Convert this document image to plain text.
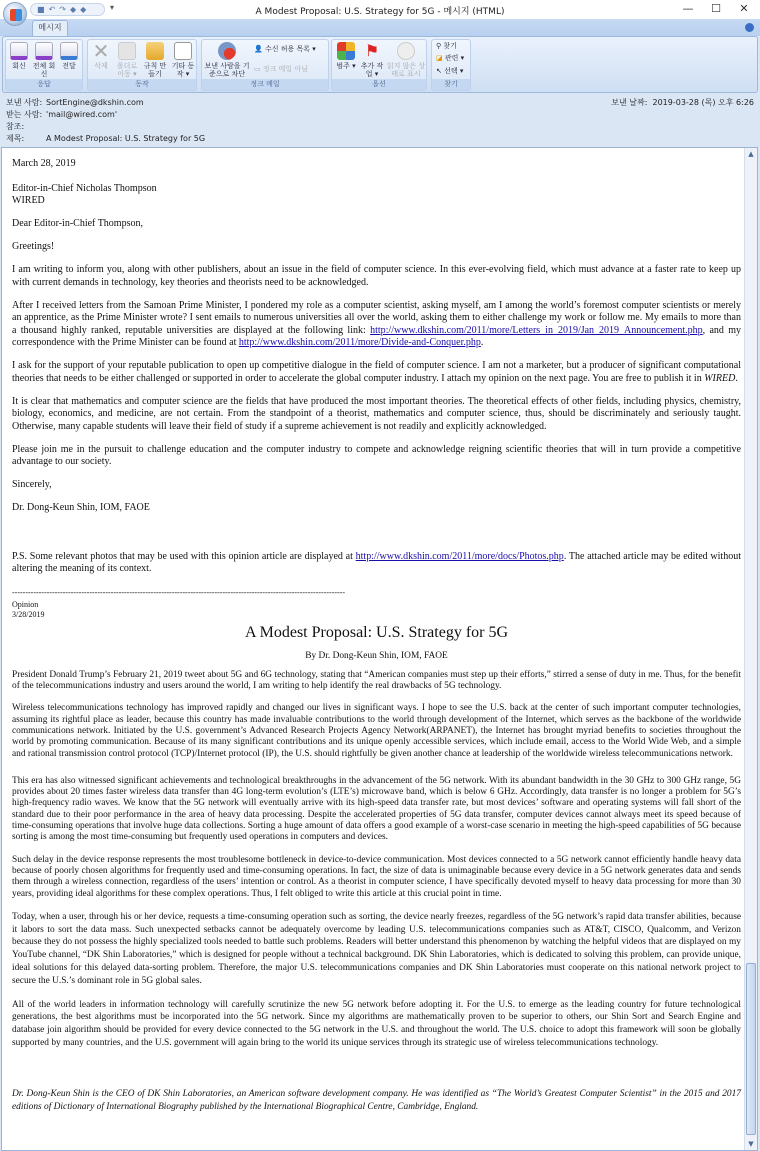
■↶↷◆◆	▾	A Modest Proposal: U.S. Strategy for 5G - 메시지 (HTML)	—	☐	✕
메시지
회신 전체 회신
전달
응답
✕
삭제	폴더로 이동 ▾
규칙 만들기
기타 동작 ▾
동작
보낸 사람을 기준으로 차단
👤 수신 허용 목록 ▾
▭ 정크 메일 아님
정크 메일
범주 ▾
⚑
추가 작업 ▾
읽지 않은 상태로 표시
옵션
⚲ 찾기
◪ 관련 ▾
↖ 선택 ▾
찾기
보낸 사람: SortEngine@dkshin.com
받는 사람: 'mail@wired.com'
참조:
제목:	A Modest Proposal: U.S. Strategy for 5G
보낸 날짜: 2019-03-28 (목) 오후 6:26

March 28, 2019

Editor-in-Chief Nicholas Thompson
WIRED

Dear Editor-in-Chief Thompson,

Greetings!

I am writing to inform you, along with other publishers, about an issue in the field of computer science. In this ever-evolving field, which must advance at a faster rate to keep up with current demands in technology, key theories and theorists need to be acknowledged.

After I received letters from the Samoan Prime Minister, I pondered my role as a computer scientist, asking myself, am I among the world’s foremost computer scientists or merely an apprentice, as the Prime Minister wrote? I sent emails to numerous universities all over the world, asking them to either challenge my work or follow me. My emails to more than a thousand highly ranked, reputable universities are displayed at the following link: http://www.dkshin.com/2011/more/Letters_in_2019/Jan_2019_Announcement.php, and my correspondence with the Prime Minister can be found at http://www.dkshin.com/2011/more/Divide-and-Conquer.php.

I ask for the support of your reputable publication to open up competitive dialogue in the field of computer science. I am not a marketer, but a producer of significant computational theories that needs to be either challenged or supported in order to accelerate the global computer industry. I attach my opinion on the next page. You are free to publish it in WIRED.

It is clear that mathematics and computer science are the fields that have produced the most important theories. The theoretical effects of other fields, including physics, chemistry, biology, economics, and medicine, are not certain. From the standpoint of a theorist, mathematics and computer science, thus, should be discriminately and seriously taught. Otherwise, many capable students will leave their field of study if a supreme achievement is not readily and explicitly acknowledged.

Please join me in the pursuit to challenge education and the computer industry to compete and acknowledge reigning scientific theories that will in turn provide a competitive advantage to our society.

Sincerely,

Dr. Dong-Keun Shin, IOM, FAOE

P.S. Some relevant photos that may be used with this opinion article are displayed at http://www.dkshin.com/2011/more/docs/Photos.php. The attached article may be edited without altering the meaning of its context.

-----------------------------------------------------------------------------------------------------------------------------
Opinion
3/28/2019
A Modest Proposal: U.S. Strategy for 5G
By Dr. Dong-Keun Shin, IOM, FAOE

President Donald Trump’s February 21, 2019 tweet about 5G and 6G technology, stating that “American companies must step up their efforts,” stirred a sense of duty in me. Thus, for the benefit of the telecommunications industry and users around the world, I am writing to help identify the real drawbacks of 5G technology.

Wireless telecommunications technology has improved rapidly and changed our lives in significant ways. I hope to see the U.S. back at the center of such important computer technologies, assuming its rightful place as leader, because this country has made invaluable contributions to the world through development of the Internet, which serves as the backbone of the worldwide communications network. Initiated by the U.S. government’s Advanced Research Projects Agency Network(ARPANET), the Internet has brought myriad benefits to societies throughout the world by promoting communication. Because of its many significant contributions and its unique openly accessible services, which include email, access to the World Wide Web, and a simple and rational transmission control protocol (TCP)/Internet protocol (IP), the U.S. should rightfully be given another chance at leadership of the worldwide wireless telecommunications network.

This era has also witnessed significant achievements and technological breakthroughs in the advancement of the 5G network. With its abundant bandwidth in the 30 GHz to 300 GHz range, 5G provides about 20 times faster wireless data transfer than 4G long-term evolution’s (LTE’s) microwave band, which is below 6 GHz. Accordingly, data transfer is no longer a problem for 5G’s high-frequency radio waves. We know that the 5G network will eventually arrive with its high-speed data transfer rate, but most devices’ software and operating systems will fall short of the standard due to their poor performance in the area of heavy data processing. Despite the accelerated properties of 5G data transfer, computer devices cannot always meet its speed because of time-consuming operations that involve huge data collections. Sorting a huge amount of data offers a good example of a worst-case scenario in meeting the high-speed capabilities of 5G because sorting is among the most time-consuming but frequently used operations in computers and devices.

Such delay in the device response represents the most troublesome bottleneck in device-to-device communication. Most devices connected to a 5G network cannot efficiently handle heavy data because of poorly chosen algorithms for frequently used and time-consuming operations. In fact, the size of data is unimaginable because every device in a 5G network generates data and sends them through a wireless connection, regardless of the users’ intention or control. As a theorist in computer science, I have specifically devoted myself to heavy data processing for more than 30 years, providing ideal algorithms for these complex operations. Thus, I felt obliged to write this article at this crucial point in time.

Today, when a user, through his or her device, requests a time-consuming operation such as sorting, the device nearly freezes, regardless of the 5G network’s rapid data transfer abilities, because it labors to sort the data mass. Such unexpected setbacks cannot be adequately overcome by leading U.S. telecommunications companies such as AT&T, CISCO, Qualcomm, and Verizon because they do not possess the highly specialized tools needed to battle such problems. Readers will better understand this phenomenon by watching the helpful videos that are displayed on my YouTube channel, “DK Shin Laboratories,” which is designed for people without a technical background. DK Shin Laboratories, which is dedicated to solving this problem, can provide unique, ideal solutions for this delayed data-sorting problem. Therefore, the major U.S. telecommunications companies and DK Shin Laboratories must cooperate on this national network project to secure the U.S.’s dominant role in 5G global sales.

All of the world leaders in information technology will carefully scrutinize the new 5G network before adopting it. For the U.S. to emerge as the leading country for future technological generations, the best algorithms must be incorporated into the 5G network. Since my algorithms are mathematically proven to be superior to others, our Shin Sort and Search Engine and database join algorithm should be provided for every device connected to the 5G network in the U.S. and throughout the world. The U.S. choice to adopt this framework will soon be globally supported by many countries, and the U.S. government will again bring to the world its unique services through its strategic use of wireless telecommunications technology.

Dr. Dong-Keun Shin is the CEO of DK Shin Laboratories, an American software development company. He was identified as “The World’s Greatest Computer Scientist” in the 2015 and 2017 editions of Dictionary of International Biography published by the International Biographical Centre, Cambridge, England.

▲
▼
